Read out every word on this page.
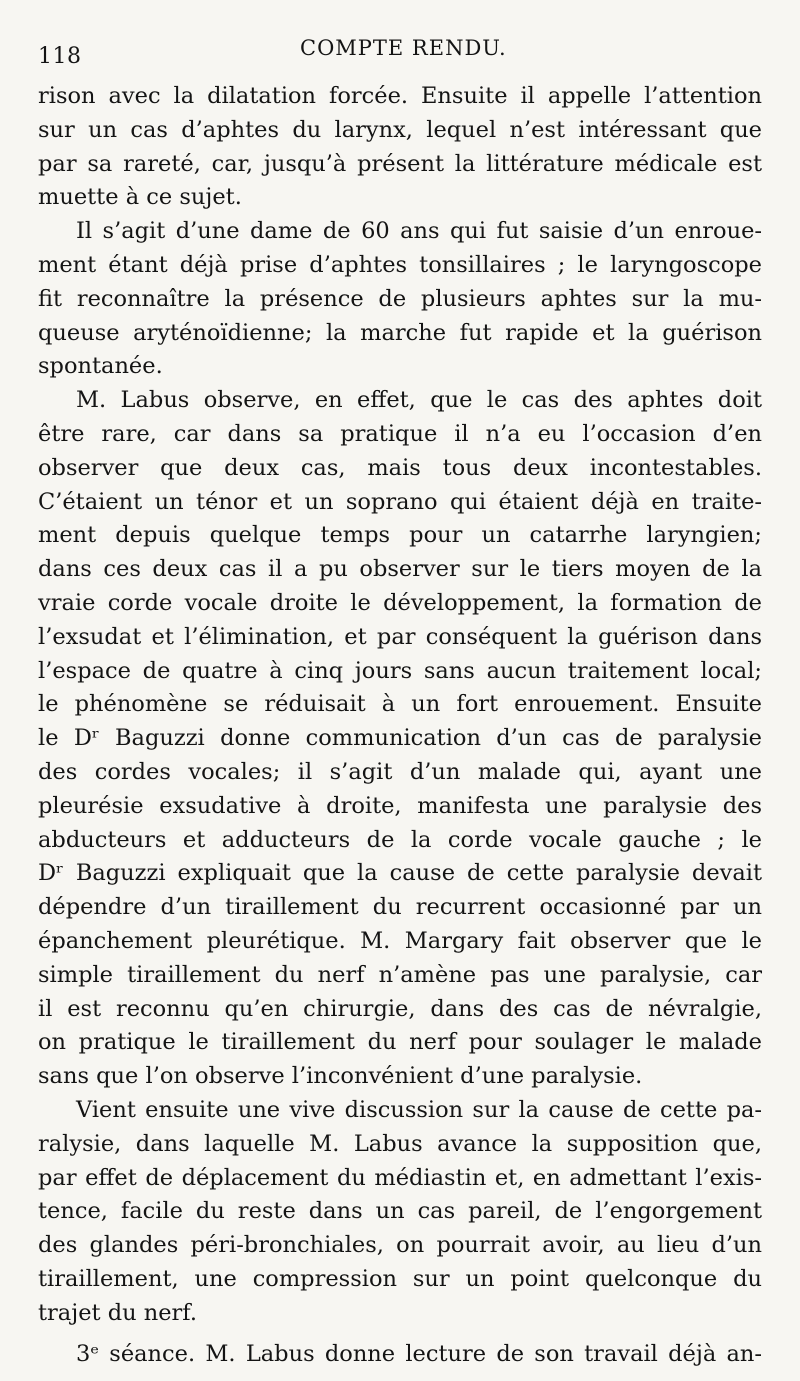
118	COMPTE RENDU.
rison avec la dilatation forcée. Ensuite il appelle l’attention
sur un cas d’aphtes du larynx, lequel n’est intéressant que
par sa rareté, car, jusqu’à présent la littérature médicale est
muette à ce sujet.
Il s’agit d’une dame de 60 ans qui fut saisie d’un enroue-
ment étant déjà prise d’aphtes tonsillaires ; le laryngoscope
fit reconnaître la présence de plusieurs aphtes sur la mu-
queuse aryténoïdienne; la marche fut rapide et la guérison
spontanée.
M. Labus observe, en effet, que le cas des aphtes doit
être rare, car dans sa pratique il n’a eu l’occasion d’en
observer que deux cas, mais tous deux incontestables.
C’étaient un ténor et un soprano qui étaient déjà en traite-
ment depuis quelque temps pour un catarrhe laryngien;
dans ces deux cas il a pu observer sur le tiers moyen de la
vraie corde vocale droite le développement, la formation de
l’exsudat et l’élimination, et par conséquent la guérison dans
l’espace de quatre à cinq jours sans aucun traitement local;
le phénomène se réduisait à un fort enrouement. Ensuite
le Dʳ Baguzzi donne communication d’un cas de paralysie
des cordes vocales; il s’agit d’un malade qui, ayant une
pleurésie exsudative à droite, manifesta une paralysie des
abducteurs et adducteurs de la corde vocale gauche ; le
Dʳ Baguzzi expliquait que la cause de cette paralysie devait
dépendre d’un tiraillement du recurrent occasionné par un
épanchement pleurétique. M. Margary fait observer que le
simple tiraillement du nerf n’amène pas une paralysie, car
il est reconnu qu’en chirurgie, dans des cas de névralgie,
on pratique le tiraillement du nerf pour soulager le malade
sans que l’on observe l’inconvénient d’une paralysie.
Vient ensuite une vive discussion sur la cause de cette pa-
ralysie, dans laquelle M. Labus avance la supposition que,
par effet de déplacement du médiastin et, en admettant l’exis-
tence, facile du reste dans un cas pareil, de l’engorgement
des glandes péri-bronchiales, on pourrait avoir, au lieu d’un
tiraillement, une compression sur un point quelconque du
trajet du nerf.
3ᵉ séance. M. Labus donne lecture de son travail déjà an-
